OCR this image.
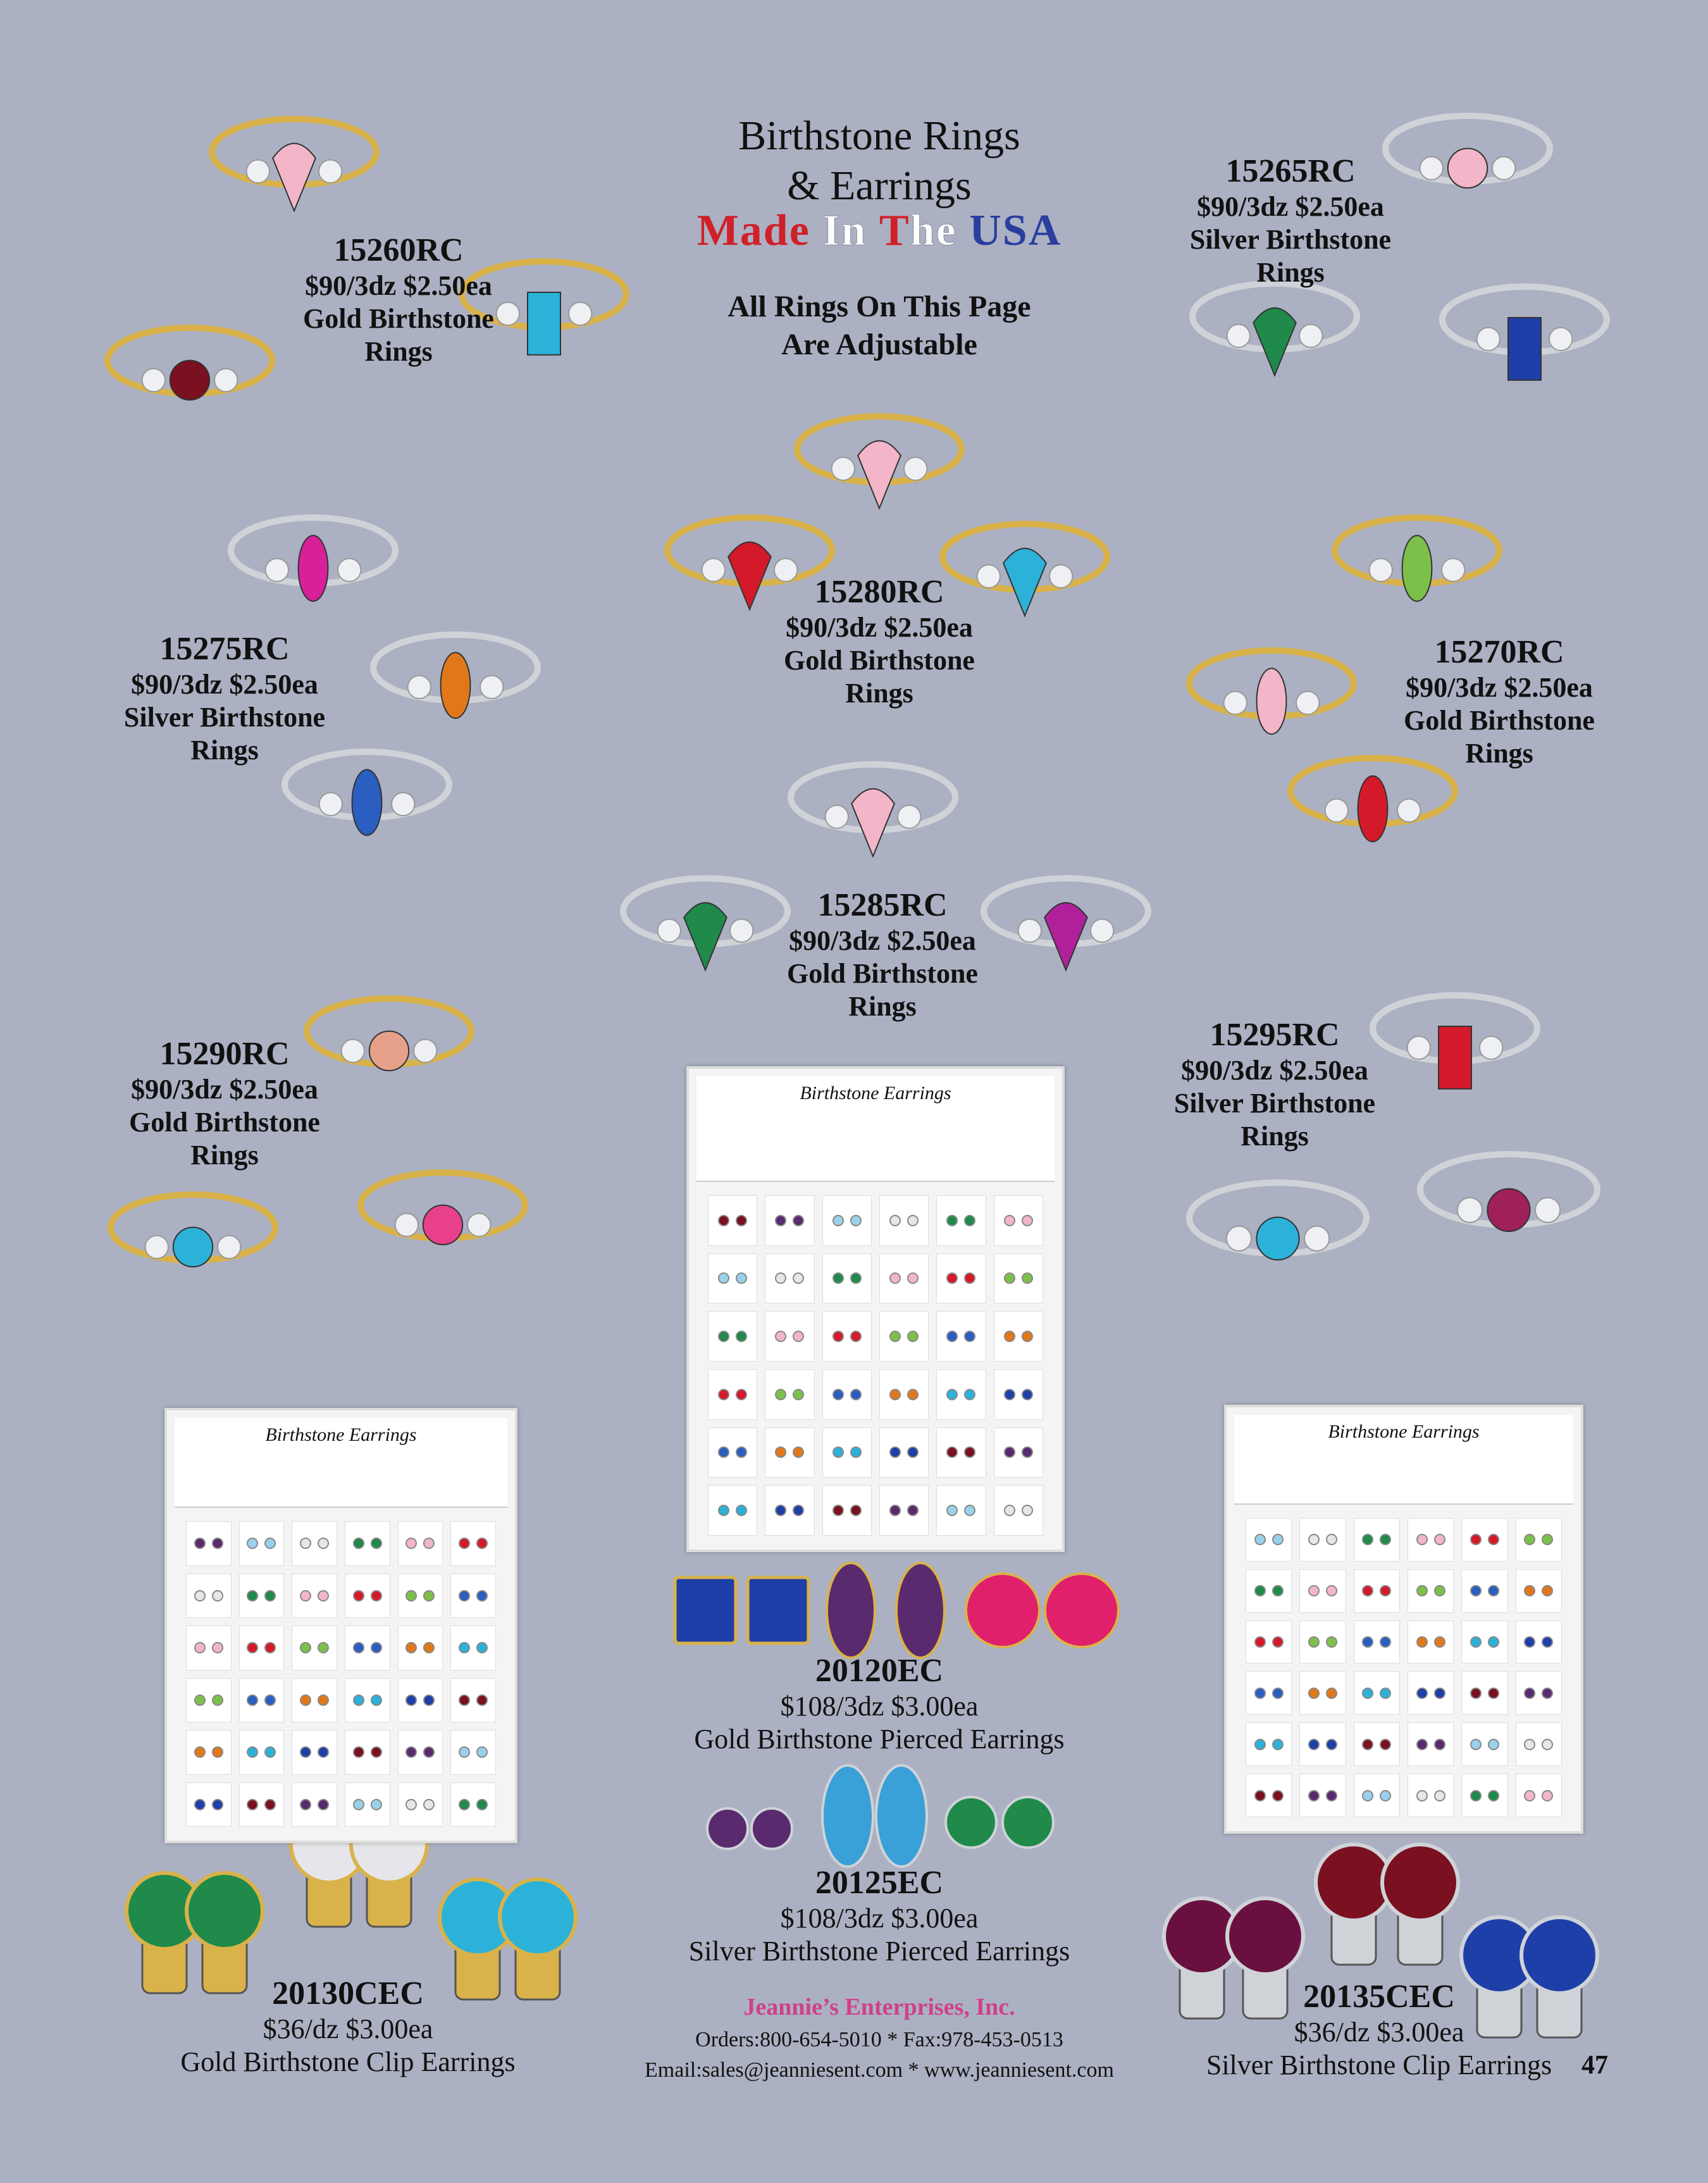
Birthstone Rings
& Earrings
Made In The USA
All Rings On This Page
Are Adjustable
15260RC
$90/3dz $2.50ea
Gold Birthstone
Rings
15265RC
$90/3dz $2.50ea
Silver Birthstone
Rings
15275RC
$90/3dz $2.50ea
Silver Birthstone
Rings
15280RC
$90/3dz $2.50ea
Gold Birthstone
Rings
15270RC
$90/3dz $2.50ea
Gold Birthstone
Rings
15285RC
$90/3dz $2.50ea
Gold Birthstone
Rings
15290RC
$90/3dz $2.50ea
Gold Birthstone
Rings
15295RC
$90/3dz $2.50ea
Silver Birthstone
Rings
Birthstone Earrings
Birthstone Earrings	Birthstone Earrings
20120EC
$108/3dz $3.00ea
Gold Birthstone Pierced Earrings
20125EC
$108/3dz $3.00ea
Silver Birthstone Pierced Earrings
20130CEC
$36/dz $3.00ea
Gold Birthstone Clip Earrings
20135CEC
$36/dz $3.00ea
Silver Birthstone Clip Earrings
Jeannie’s Enterprises, Inc.
Orders:800-654-5010 * Fax:978-453-0513
Email:sales@jeanniesent.com * www.jeanniesent.com	47
